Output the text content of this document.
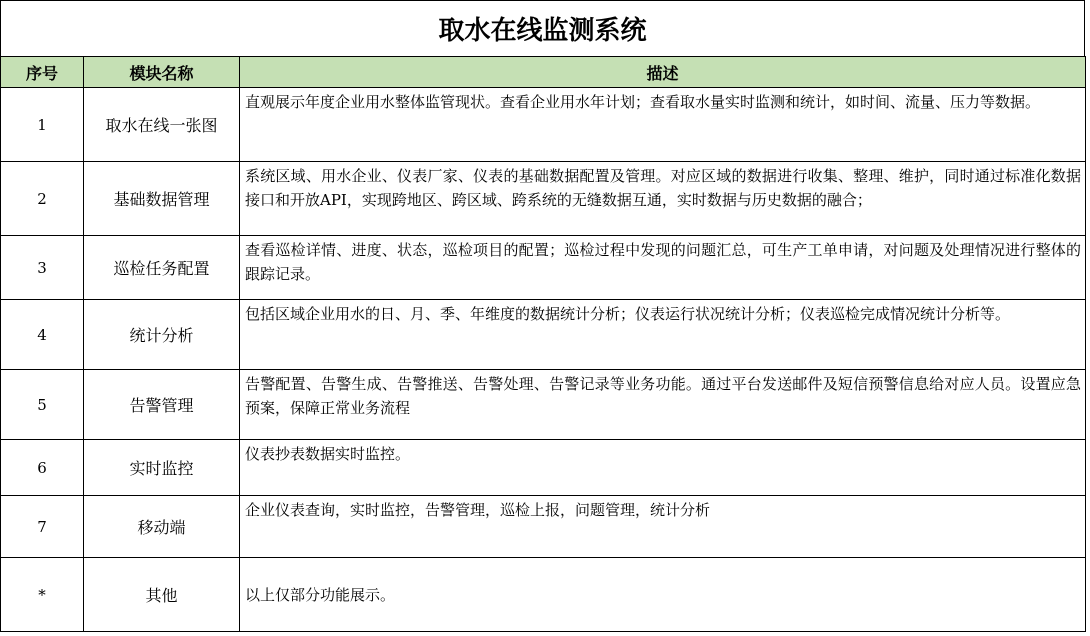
取水在线监测系统
序号	模块名称	描述
1	取水在线一张图	直观展示年度企业用水整体监管现状。查看企业用水年计划；查看取水量实时监测和统计，如时间、流量、压力等数据。
2	基础数据管理	系统区域、用水企业、仪表厂家、仪表的基础数据配置及管理。对应区域的数据进行收集、整理、维护，同时通过标准化数据接口和开放API，实现跨地区、跨区域、跨系统的无缝数据互通，实时数据与历史数据的融合；
3	巡检任务配置	查看巡检详情、进度、状态，巡检项目的配置；巡检过程中发现的问题汇总，可生产工单申请，对问题及处理情况进行整体的跟踪记录。
4	统计分析	包括区域企业用水的日、月、季、年维度的数据统计分析；仪表运行状况统计分析；仪表巡检完成情况统计分析等。
5	告警管理	告警配置、告警生成、告警推送、告警处理、告警记录等业务功能。通过平台发送邮件及短信预警信息给对应人员。设置应急预案，保障正常业务流程
6	实时监控	仪表抄表数据实时监控。
7	移动端	企业仪表查询，实时监控，告警管理，巡检上报，问题管理，统计分析
*	其他	以上仅部分功能展示。
